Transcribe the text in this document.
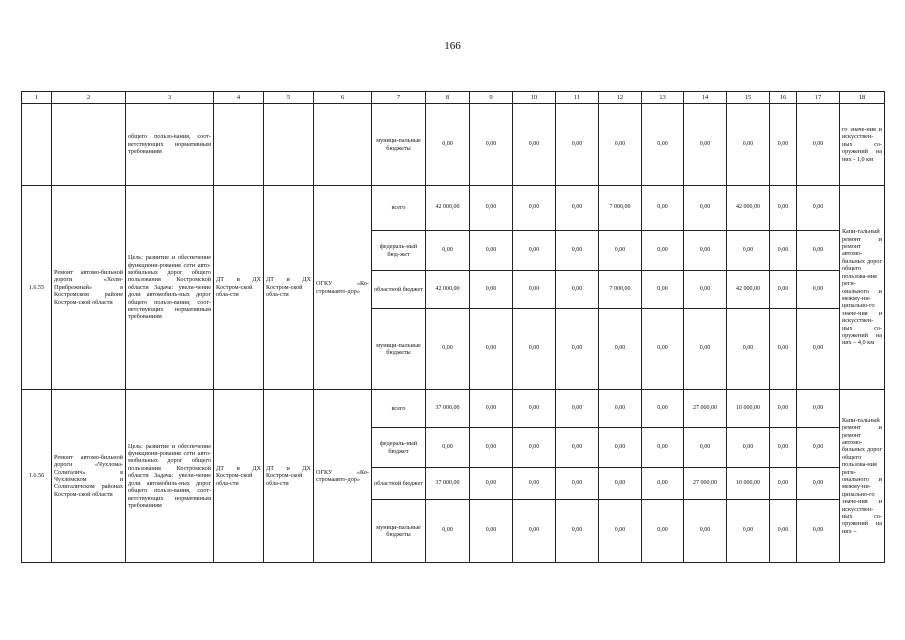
166
1	2	3	4	5	6	7	8	9	10	11	12	13	14	15	16	17	18
		общего пользо-вания, соот-ветствующих нормативным требованиям				муници-пальные бюджеты	0,00	0,00	0,00	0,00	0,00	0,00	0,00	0,00	0,00	0,00	го значе-ния и искусствен-ных со-оружений на них - 1,0 км
1.6.55	Ремонт автомо-бильной дороги «Холм-Прибрежный» в Костромском районе Костром-ской области	Цель: развитие и обеспечение функциони-рования сети авто-мобильных дорог общего пользования Костромской области Задача: увели-чение доли автомобиль-ных дорог общего пользо-вания, соот-ветствующих нормативным требованиям	ДТ и ДХ Костром-ской обла-сти	ДТ и ДХ Костром-ской обла-сти	ОГКУ «Ко-стромаавто-дор»	всего	42 000,00	0,00	0,00	0,00	7 000,00	0,00	0,00	42 000,00	0,00	0,00	Капи-тальный ремонт и ремонт автомо-бильных дорог общего пользова-ния реги-онального и межму-ни-ципально-го значе-ния и искусствен-ных со-оружений на них – 4,0 км
						федераль-ный бюд-жет	0,00	0,00	0,00	0,00	0,00	0,00	0,00	0,00	0,00	0,00	
						областной бюджет	42 000,00	0,00	0,00	0,00	7 000,00	0,00	0,00	42 000,00	0,00	0,00	
						муници-пальные бюджеты	0,00	0,00	0,00	0,00	0,00	0,00	0,00	0,00	0,00	0,00	
1.6.56	Ремонт автомо-бильной дороги «Чухлома-Солигалич» в Чухломском и Солигаличском районах Костром-ской области	Цель: развитие и обеспечение функциони-рования сети авто-мобильных дорог общего пользования Костромской области Задача: увели-чение доли автомобиль-ных дорог общего пользо-вания, соот-ветствующих нормативным требованиям	ДТ и ДХ Костром-ской обла-сти	ДТ и ДХ Костром-ской обла-сти	ОГКУ «Ко-стромаавто-дор»	всего	37 000,00	0,00	0,00	0,00	0,00	0,00	27 000,00	10 000,00	0,00	0,00	Капи-тальный ремонт и ремонт автомо-бильных дорог общего пользова-ния реги-онального и межму-ни-ципально-го значе-ния и искусствен-ных со-оружений на них –
						федераль-ный бюджет	0,00	0,00	0,00	0,00	0,00	0,00	0,00	0,00	0,00	0,00	
						областной бюджет	37 000,00	0,00	0,00	0,00	0,00	0,00	27 000,00	10 000,00	0,00	0,00	
						муници-пальные бюджеты	0,00	0,00	0,00	0,00	0,00	0,00	0,00	0,00	0,00	0,00	
